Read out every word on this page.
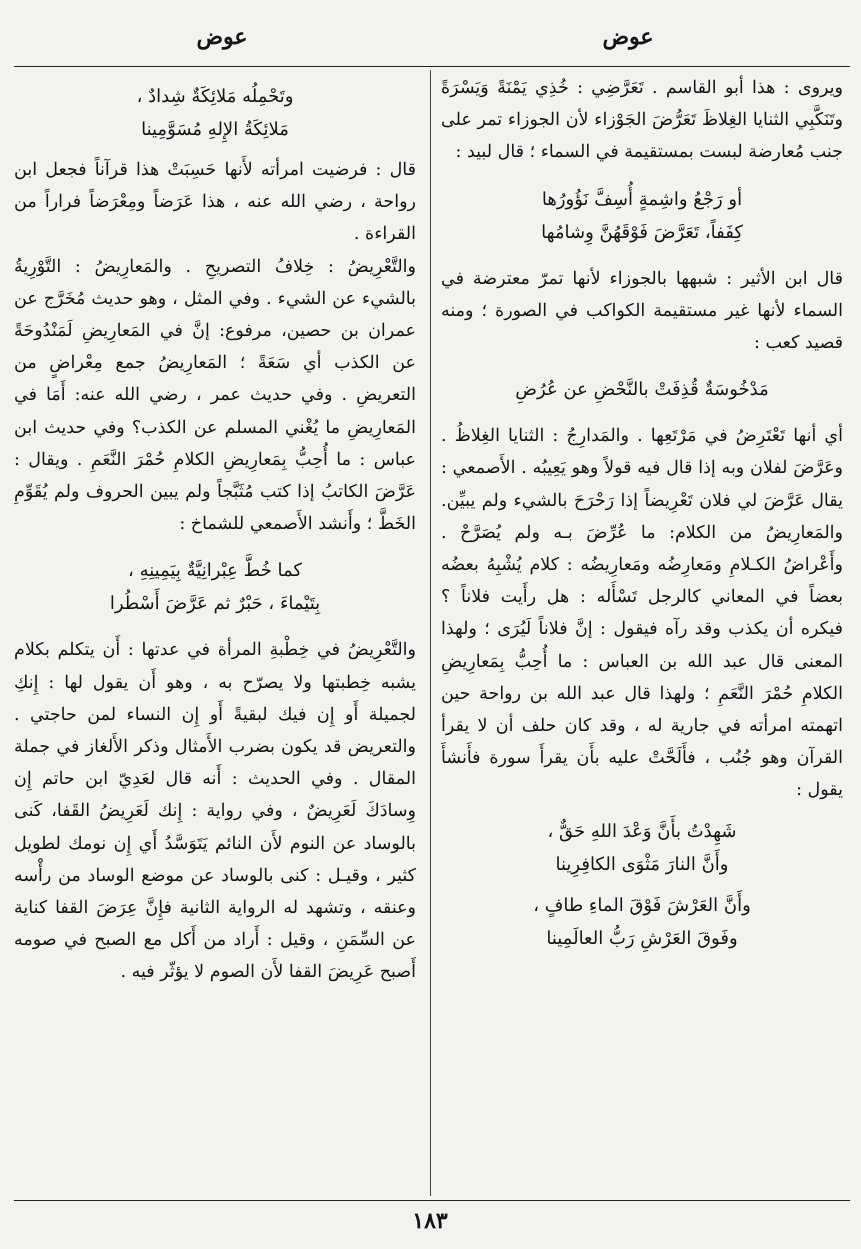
عوض
عوض

ويروى : هذا أبو القاسم . تَعَرَّضِي : خُذِي يَمْنَةً وَيَسْرَةً وتَنَكَّبِي الثنايا الغِلاظَ تَعَرُّضَ الجَوْزاء لأن الجوزاء تمر على جنب مُعارضة لبست بمستقيمة في السماء ؛ قال لبيد :

أو رَجْعُ واشِمةٍ أُسِفَّ نَؤُورُها
كِفَفاً، تَعَرَّضَ فَوْقَهُنَّ وِشامُها

قال ابن الأثير : شبهها بالجوزاء لأنها تمرّ معترضة في السماء لأنها غير مستقيمة الكواكب في الصورة ؛ ومنه قصيد كعب :

مَدْخُوسَةٌ قُذِفَتْ بالنَّحْضِ عن عُرُضِ

أي أنها تَعْتَرِضُ في مَرْتَعِها . والمَدارِجُ : الثنايا الغِلاظُ . وعَرَّضَ لفلان وبه إذا قال فيه قولاً وهو يَعِيبُه . الأَصمعي : يقال عَرَّضَ لي فلان تَعْرِيضاً إذا رَحْرَحَ بالشيء ولم يبيِّن. والمَعارِيضُ من الكلام: ما عُرِّضَ بـه ولم يُصَرَّحْ . وأَعْراضُ الكـلامِ ومَعارِضُه ومَعارِيضُه : كلام يُشْبِهُ بعضُه بعضاً في المعاني كالرجل تَسْأَله : هل رأَيت فلاناً ؟ فيكره أن يكذب وقد رآه فيقول : إنَّ فلاناً لَيُرَى ؛ ولهذا المعنى قال عبد الله بن العباس : ما أُحِبُّ بِمَعارِيضِ الكلامِ حُمْرَ النَّعَمِ ؛ ولهذا قال عبد الله بن رواحة حين اتهمته امرأته في جارية له ، وقد كان حلف أن لا يقرأ القرآن وهو جُنُب ، فأَلَحَّتْ عليه بأَن يقرأَ سورة فأَنشأَ يقول :

شَهِدْتُ بأَنَّ وَعْدَ اللهِ حَقٌّ ،
وأَنَّ النارَ مَثْوَى الكافِرِينا

وأَنَّ العَرْشَ فَوْقَ الماءِ طافٍ ،
وفَوقَ العَرْشِ رَبُّ العالَمِينا

وتَحْمِلُه مَلائِكَةٌ شِدادٌ ،
مَلائِكَةُ الإِلهِ مُسَوَّمِينا

قال : فرضيت امرأته لأَنها حَسِبَتْ هذا قرآناً فجعل ابن رواحة ، رضي الله عنه ، هذا عَرَضاً ومِعْرَضاً فراراً من القراءة .

والتَّعْرِيضُ : خِلافُ التصريحِ . والمَعارِيضُ : التَّوْرِيةُ بالشيء عن الشيء . وفي المثل ، وهو حديث مُخَرَّج عن عمران بن حصين، مرفوع: إنَّ في المَعارِيضِ لَمَنْدُوحَةً عن الكذب أي سَعَةً ؛ المَعارِيضُ جمع مِعْراضٍ من التعريضِ . وفي حديث عمر ، رضي الله عنه: أَمَا في المَعارِيضِ ما يُغْني المسلم عن الكذب؟ وفي حديث ابن عباس : ما أُحِبُّ بِمَعارِيضِ الكلامِ حُمْرَ النَّعَمِ . ويقال : عَرَّضَ الكاتبُ إذا كتب مُثَبَّجاً ولم يبين الحروف ولم يُقَوِّمِ الخَطَّ ؛ وأَنشد الأَصمعي للشماخ :

كما خُطَّ عِبْرانِيَّةٌ بِيَمِينِهِ ،
بِتَيْماءَ ، حَبْرٌ ثم عَرَّضَ أَسْطُرا

والتَّعْرِيضُ في خِطْبةِ المرأة في عدتها : أَن يتكلم بكلام يشبه خِطبتها ولا يصرّح به ، وهو أَن يقول لها : إِنكِ لجميلة أَو إِن فيك لبقيةً أَو إِن النساء لمن حاجتي . والتعريض قد يكون بضرب الأَمثال وذكر الأَلغاز في جملة المقال . وفي الحديث : أَنه قال لعَدِيّ ابن حاتم إِن وِسادَكَ لَعَرِيضٌ ، وفي رواية : إِنك لَعَرِيضُ القَفا، كَنى بالوساد عن النوم لأَن النائم يَتَوَسَّدُ أَي إِن نومك لطويل كثير ، وقيـل : كنى بالوساد عن موضع الوساد من رأْسه وعنقه ، وتشهد له الرواية الثانية فإِنَّ عِرَضَ القفا كناية عن السِّمَنِ ، وقيل : أَراد من أَكل مع الصبح في صومه أَصبح عَرِيضَ القفا لأَن الصوم لا يؤثّر فيه .

١٨٣
